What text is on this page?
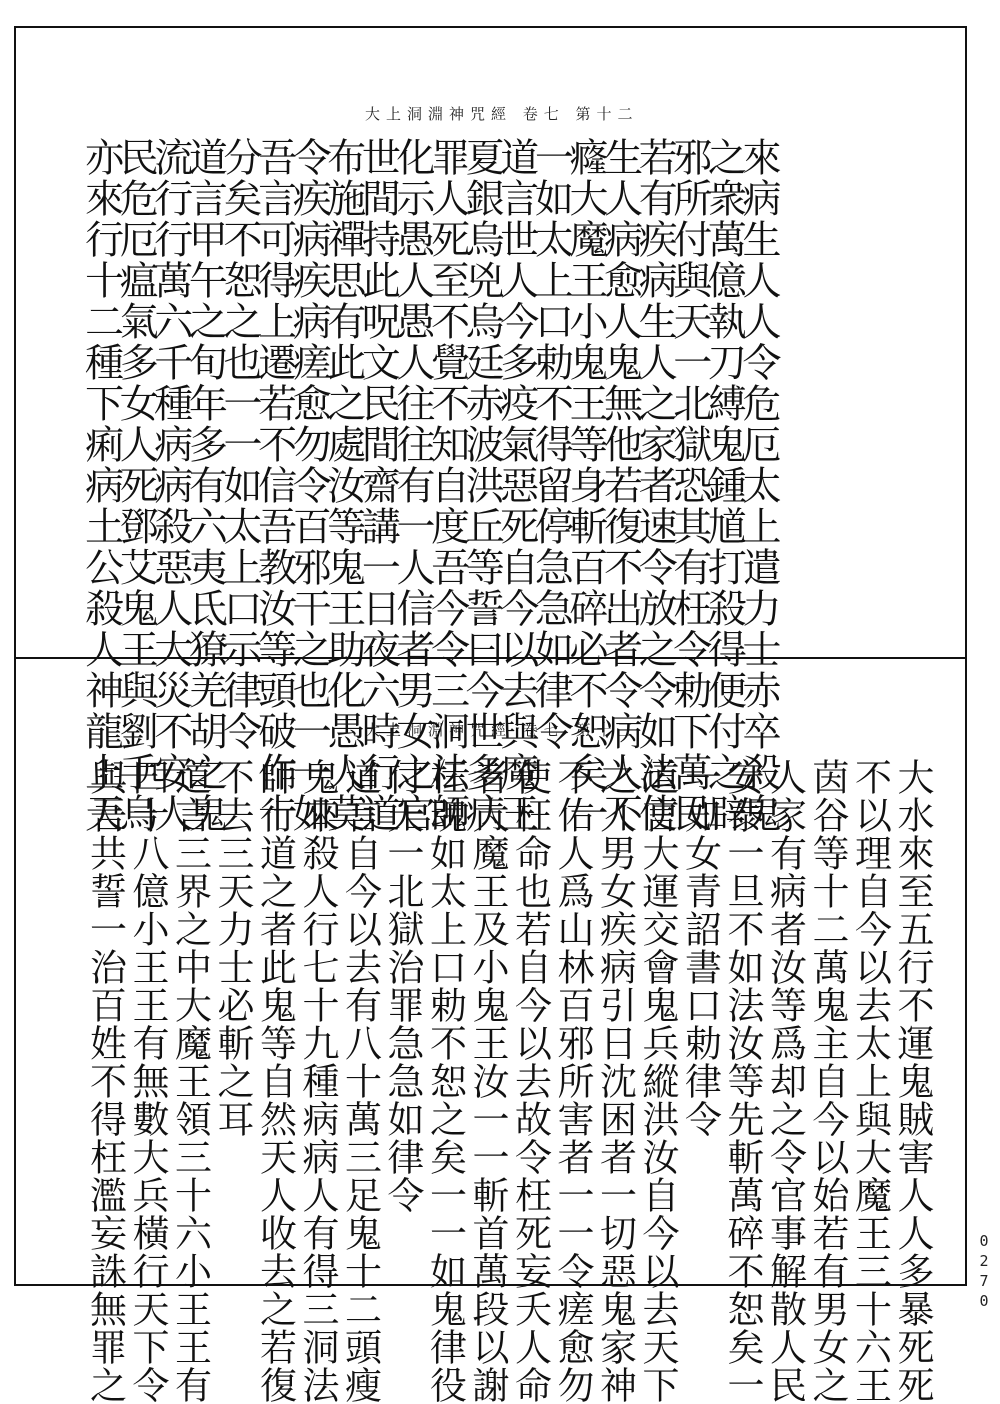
大上洞淵神咒經 卷七 第十二
大上洞淵神咒經 卷七 第十三 來病生人人令危厄太上遣力士赤卒殺鬼
之衆萬億執刀縛鬼鍾馗打殺得便付之辟
邪所付與天一北獄恐其有枉令勅下萬民
若有疾病生人之家者速令放之令如法使
生人病愈人鬼無他若復不出者令病人不
癃大魔王小鬼王等身斬百碎必不恕矣一
一如太上口勅不得留停急急如律令
道言世人今多疫氣惡死自今以去與魔王
夏銀烏兇烏廷赤波洪丘等誓曰今世多病
罪人死至不覺不知自度吾今令三洞法師
化示愚人愚人往往有一人信者男女之官
世間持此呪文民間齋講一日夜六時行道
布施禪思有此之處汝等鬼王助化愚人莫
令疾病疾病瘥愈勿令百邪干之也一一如
吾言可得上遷若不信吾教汝等頭破作十
分矣不恕之也一一如太上口示律令
道言甲午之旬年多有六夷氐獠羌胡之鬼
流行行萬六千種病病殺惡人大災不安人
民危厄瘟氣多女人死鄧艾鬼王與劉手烏
亦來行十二種下痢病土公殺人神龍上天
大水來至五行不運鬼賊害人人多暴死死
不以理自今以去太上與大魔王三十六王
茵谷等十二萬鬼主自今以始若有男女之
人家有病者汝等爲却之令官事解散人民
安泰一旦不如法汝等先斬萬碎不恕矣一
一如女青詔書口勅律令
道言大運交會鬼兵縱洪汝自今以去天下
之人男女疾病引日沈困者一切惡鬼家神
不佑人爲山林百邪所害者一一令瘥愈勿
使枉命也若自今以去故令枉死妄夭人命
者大魔王及小鬼王汝一一斬首萬段以謝
枉魂如太上口勅不恕之矣一一如鬼律役
付天一北獄治罪急急如律令
道言自今以去有八十萬三足鬼十二頭瘦
鬼來殺人行七十九種病病人有得三洞法
師行道之者此鬼等自然天人收去之若復
不去三天力士必斬之耳
道言三界之中大魔王領三十六小王王有
四十八億小王王有無數大兵橫行天下令
與吾共誓一治百姓不得枉濫妄誅無罪之	0270
